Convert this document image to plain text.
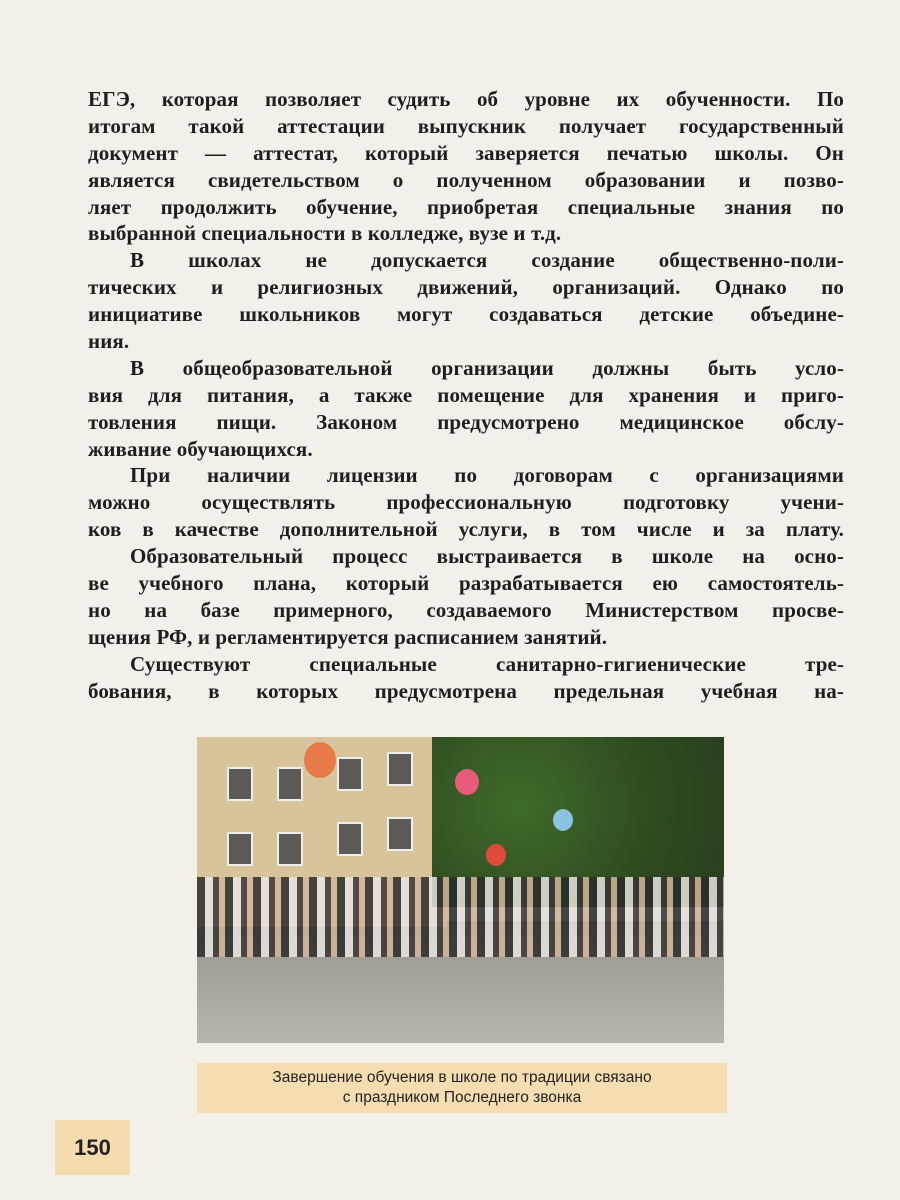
ЕГЭ, которая позволяет судить об уровне их обученности. По
итогам такой аттестации выпускник получает государственный
документ — аттестат, который заверяется печатью школы. Он
является свидетельством о полученном образовании и позво-
ляет продолжить обучение, приобретая специальные знания по
выбранной специальности в колледже, вузе и т.д.
В школах не допускается создание общественно-поли-
тических и религиозных движений, организаций. Однако по
инициативе школьников могут создаваться детские объедине-
ния.
В общеобразовательной организации должны быть усло-
вия для питания, а также помещение для хранения и приго-
товления пищи. Законом предусмотрено медицинское обслу-
живание обучающихся.
При наличии лицензии по договорам с организациями
можно осуществлять профессиональную подготовку учени-
ков в качестве дополнительной услуги, в том числе и за плату.
Образовательный процесс выстраивается в школе на осно-
ве учебного плана, который разрабатывается ею самостоятель-
но на базе примерного, создаваемого Министерством просве-
щения РФ, и регламентируется расписанием занятий.
Существуют специальные санитарно-гигиенические тре-
бования, в которых предусмотрена предельная учебная на-
Завершение обучения в школе по традиции связано
с праздником Последнего звонка
150
